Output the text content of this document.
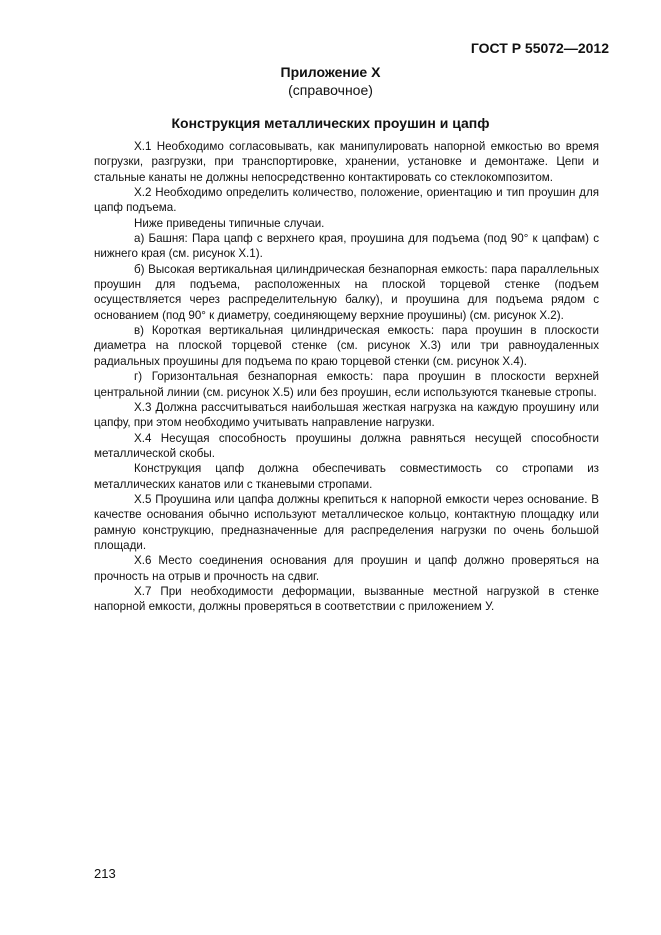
ГОСТ Р 55072—2012
Приложение Х
(справочное)
Конструкция металлических проушин и цапф

Х.1 Необходимо согласовывать, как манипулировать напорной емкостью во время погрузки, разгрузки, при транспортировке, хранении, установке и демонтаже. Цепи и стальные канаты не должны непосредственно контактировать со стеклокомпозитом.

Х.2 Необходимо определить количество, положение, ориентацию и тип проушин для цапф подъема.

Ниже приведены типичные случаи.

а) Башня: Пара цапф с верхнего края, проушина для подъема (под 90° к цапфам) с нижнего края (см. рисунок Х.1).

б) Высокая вертикальная цилиндрическая безнапорная емкость: пара параллельных проушин для подъема, расположенных на плоской торцевой стенке (подъем осуществляется через распределительную балку), и проушина для подъема рядом с основанием (под 90° к диаметру, соединяющему верхние проушины) (см. рисунок Х.2).

в) Короткая вертикальная цилиндрическая емкость: пара проушин в плоскости диаметра на плоской торцевой стенке (см. рисунок Х.3) или три равноудаленных радиальных проушины для подъема по краю торцевой стенки (см. рисунок Х.4).

г) Горизонтальная безнапорная емкость: пара проушин в плоскости верхней центральной линии (см. рисунок Х.5) или без проушин, если используются тканевые стропы.

Х.3 Должна рассчитываться наибольшая жесткая нагрузка на каждую проушину или цапфу, при этом необходимо учитывать направление нагрузки.

Х.4 Несущая способность проушины должна равняться несущей способности металлической скобы.

Конструкция цапф должна обеспечивать совместимость со стропами из металлических канатов или с тканевыми стропами.

Х.5 Проушина или цапфа должны крепиться к напорной емкости через основание. В качестве основания обычно используют металлическое кольцо, контактную площадку или рамную конструкцию, предназначенные для распределения нагрузки по очень большой площади.

Х.6 Место соединения основания для проушин и цапф должно проверяться на прочность на отрыв и прочность на сдвиг.

Х.7 При необходимости деформации, вызванные местной нагрузкой в стенке напорной емкости, должны проверяться в соответствии с приложением У.

213
